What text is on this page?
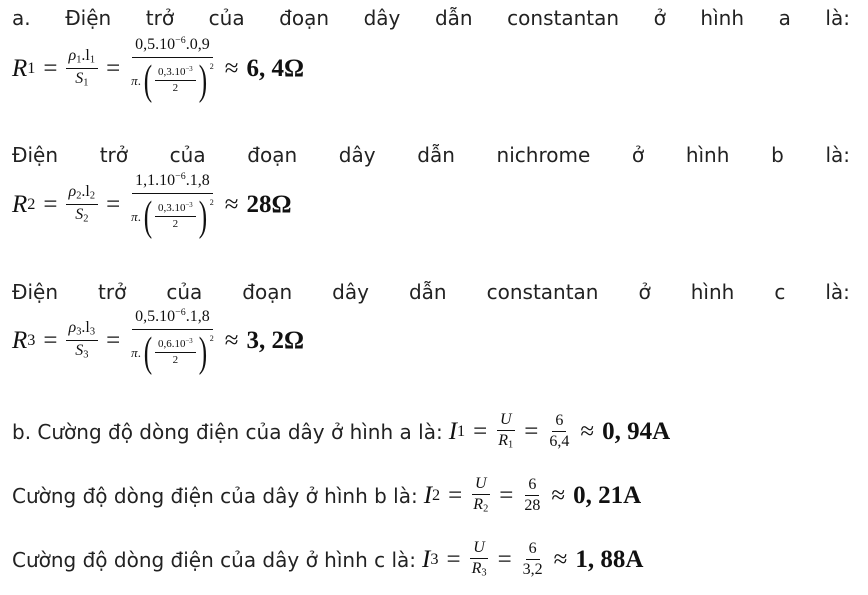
a. Điện trở của đoạn dây dẫn constantan ở hình a là:
R $1 = \frac{\rho_1.l_1}{S_1} = \frac{0,5.10^{-6}.0,9}{\pi . ( \frac{0,3.10^{-3}}{2} ) ^2} \approx 6$, 4Ω
Điện trở của đoạn dây dẫn nichrome ở hình b là:
R $2 = \frac{\rho_2.l_2}{S_2} = \frac{1,1.10^{-6}.1,8}{\pi . ( \frac{0,3.10^{-3}}{2} ) ^2} \approx 28\Omega$
Điện trở của đoạn dây dẫn constantan ở hình c là:
R $3 = \frac{\rho_3.l_3}{S_3} = \frac{0,5.10^{-6}.1,8}{\pi . ( \frac{0,6.10^{-3}}{2} ) ^2} \approx 3$, 2Ω
b. Cường độ dòng điện của dây ở hình a là: I $1 = \frac{U}{R_1} = \frac{6}{6,4} \approx 0$, 94A
Cường độ dòng điện của dây ở hình b là: I $2 = \frac{U}{R_2} = \frac{6}{28} \approx 0$, 21A
Cường độ dòng điện của dây ở hình c là: I $3 = \frac{U}{R_3} = \frac{6}{3,2} \approx 1$, 88A
